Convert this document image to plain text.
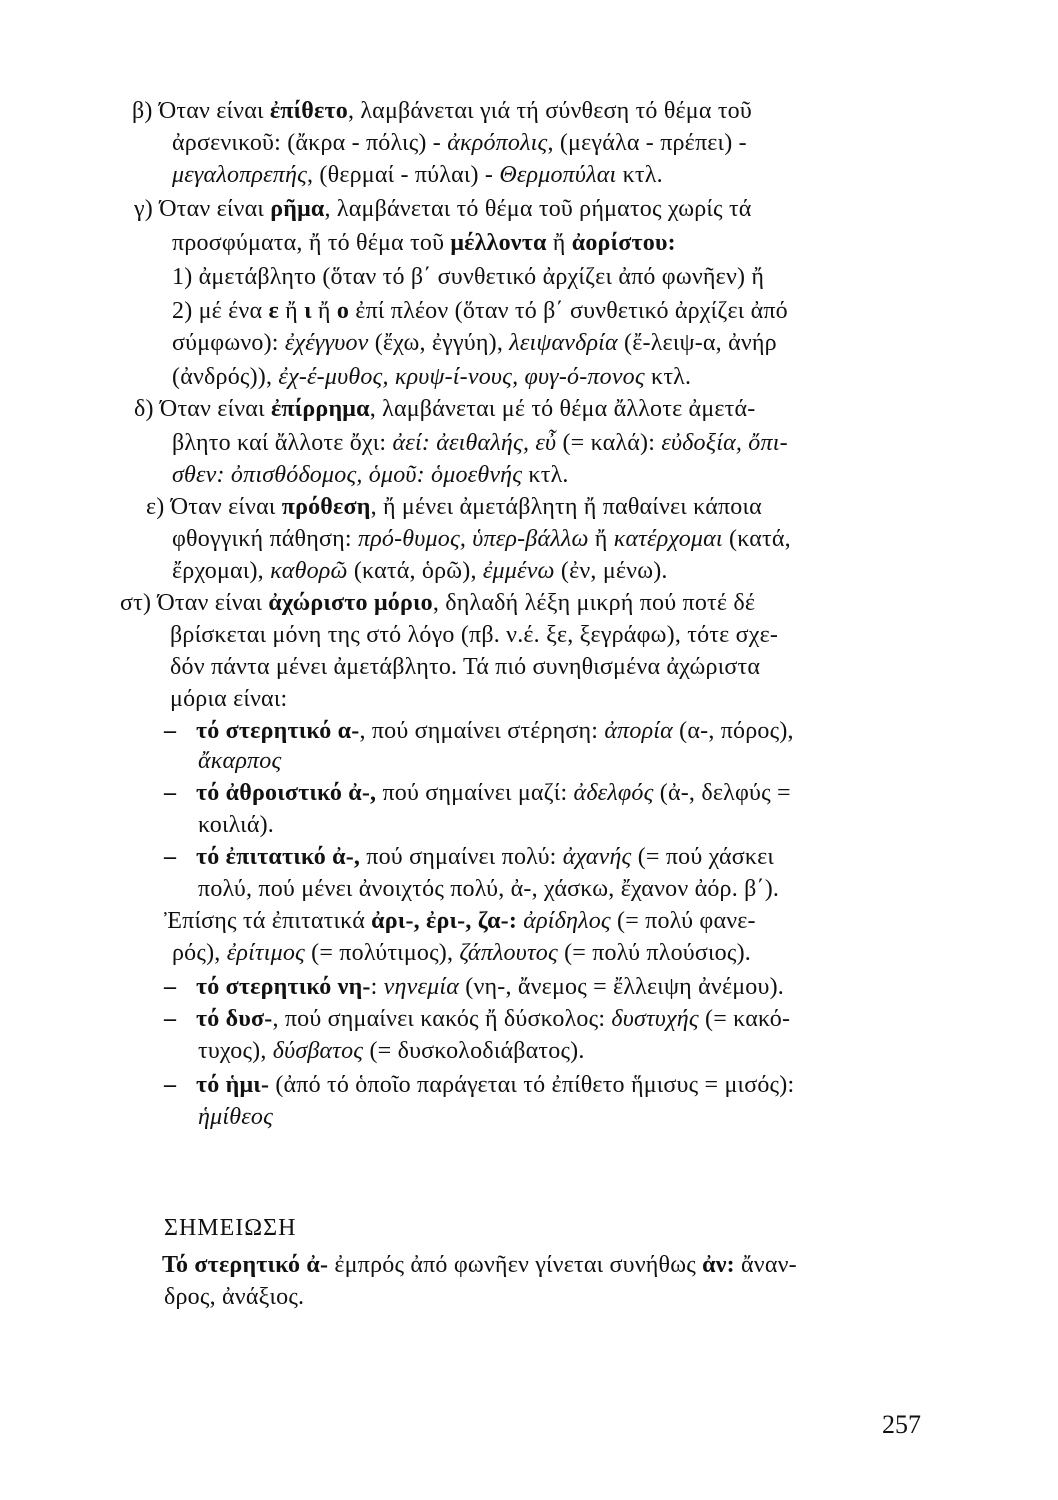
β) Όταν είναι ἐπίθετο, λαμβάνεται γιά τή σύνθεση τό θέμα τοῦ
ἀρσενικοῦ: (ἄκρα - πόλις) - ἀκρόπολις, (μεγάλα - πρέπει) -
μεγαλοπρεπής, (θερμαί - πύλαι) - Θερμοπύλαι κτλ.
γ) Όταν είναι ρῆμα, λαμβάνεται τό θέμα τοῦ ρήματος χωρίς τά
προσφύματα, ἤ τό θέμα τοῦ μέλλοντα ἤ ἀορίστου:
1) ἀμετάβλητο (ὅταν τό β΄ συνθετικό ἀρχίζει ἀπό φωνῆεν) ἤ
2) μέ ένα ε ἤ ι ἤ ο ἐπί πλέον (ὅταν τό β΄ συνθετικό ἀρχίζει ἀπό
σύμφωνο): ἐχέγγυον (ἔχω, ἐγγύη), λειψανδρία (ἔ-λειψ-α, ἀνήρ
(ἀνδρός)), ἐχ-έ-μυθος, κρυψ-ί-νους, φυγ-ό-πονος κτλ.
δ) Όταν είναι ἐπίρρημα, λαμβάνεται μέ τό θέμα ἄλλοτε ἀμετά-
βλητο καί ἄλλοτε ὄχι: ἀεί: ἀειθαλής, εὖ (= καλά): εὐδοξία, ὄπι-
σθεν: ὀπισθόδομος, ὁμοῦ: ὁμοεθνής κτλ.
ε) Όταν είναι πρόθεση, ἤ μένει ἀμετάβλητη ἤ παθαίνει κάποια
φθογγική πάθηση: πρό-θυμος, ὑπερ-βάλλω ἤ κατέρχομαι (κατά,
ἔρχομαι), καθορῶ (κατά, ὁρῶ), ἐμμένω (ἐν, μένω).
στ) Όταν είναι ἀχώριστο μόριο, δηλαδή λέξη μικρή πού ποτέ δέ
βρίσκεται μόνη της στό λόγο (πβ. ν.έ. ξε, ξεγράφω), τότε σχε-
δόν πάντα μένει ἀμετάβλητο. Τά πιό συνηθισμένα ἀχώριστα
μόρια είναι:
– τό στερητικό α-, πού σημαίνει στέρηση: ἀπορία (α-, πόρος),
ἄκαρπος
– τό ἀθροιστικό ἀ-, πού σημαίνει μαζί: ἀδελφός (ἀ-, δελφύς =
κοιλιά).
– τό ἐπιτατικό ἀ-, πού σημαίνει πολύ: ἀχανής (= πού χάσκει
πολύ, πού μένει ἀνοιχτός πολύ, ἀ-, χάσκω, ἔχανον ἀόρ. β΄).
Ἐπίσης τά ἐπιτατικά ἀρι-, ἐρι-, ζα-: ἀρίδηλος (= πολύ φανε-
ρός), ἐρίτιμος (= πολύτιμος), ζάπλουτος (= πολύ πλούσιος).
– τό στερητικό νη-: νηνεμία (νη-, ἄνεμος = ἔλλειψη ἀνέμου).
– τό δυσ-, πού σημαίνει κακός ἤ δύσκολος: δυστυχής (= κακό-
τυχος), δύσβατος (= δυσκολοδιάβατος).
– τό ἡμι- (ἀπό τό ὁποῖο παράγεται τό ἐπίθετο ἥμισυς = μισός):
ἡμίθεος
ΣΗΜΕΙΩΣΗ
Τό στερητικό ἀ- ἐμπρός ἀπό φωνῆεν γίνεται συνήθως ἀν: ἄναν-
δρος, ἀνάξιος.
257
